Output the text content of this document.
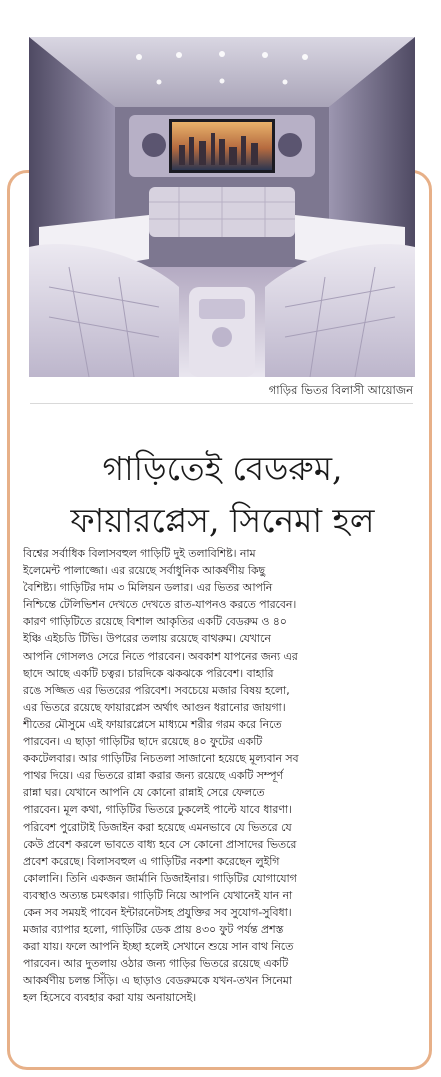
গাড়ির ভিতর বিলাসী আয়োজন
গাড়িতেই বেডরুম,
ফায়ারপ্লেস, সিনেমা হল
বিশ্বের সর্বাধিক বিলাসবহুল গাড়িটি দুই তলাবিশিষ্ট। নাম
ইলেমেন্ট পালাজ্জো। এর রয়েছে সর্বাধুনিক আকর্ষণীয় কিছু
বৈশিষ্ট্য। গাড়িটির দাম ৩ মিলিয়ন ডলার। এর ভিতর আপনি
নিশ্চিন্তে টেলিভিশন দেখতে দেখতে রাত-যাপনও করতে পারবেন।
কারণ গাড়িটিতে রয়েছে বিশাল আকৃতির একটি বেডরুম ও ৪০
ইঞ্চি এইচডি টিভি। উপরের তলায় রয়েছে বাথরুম। যেখানে
আপনি গোসলও সেরে নিতে পারবেন। অবকাশ যাপনের জন্য এর
ছাদে আছে একটি চত্বর। চারদিকে ঝকঝকে পরিবেশ। বাহারি
রঙে সজ্জিত এর ভিতরের পরিবেশ। সবচেয়ে মজার বিষয় হলো,
এর ভিতরে রয়েছে ফায়ারপ্লেস অর্থাৎ আগুন ধরানোর জায়গা।
শীতের মৌসুমে এই ফায়ারপ্লেসে মাধ্যমে শরীর গরম করে নিতে
পারবেন। এ ছাড়া গাড়িটির ছাদে রয়েছে ৪০ ফুটের একটি
ককটেলবার। আর গাড়িটির নিচতলা সাজানো হয়েছে মূল্যবান সব
পাথর দিয়ে। এর ভিতরে রান্না করার জন্য রয়েছে একটি সম্পূর্ণ
রান্না ঘর। যেখানে আপনি যে কোনো রান্নাই সেরে ফেলতে
পারবেন। মূল কথা, গাড়িটির ভিতরে ঢুকলেই পাল্টে যাবে ধারণা।
পরিবেশ পুরোটাই ডিজাইন করা হয়েছে এমনভাবে যে ভিতরে যে
কেউ প্রবেশ করলে ভাবতে বাধ্য হবে সে কোনো প্রাসাদের ভিতরে
প্রবেশ করেছে। বিলাসবহুল এ গাড়িটির নকশা করেছেন লুইগি
কোলানি। তিনি একজন জার্মানি ডিজাইনার। গাড়িটির যোগাযোগ
ব্যবস্থাও অত্যন্ত চমৎকার। গাড়িটি নিয়ে আপনি যেখানেই যান না
কেন সব সময়ই পাবেন ইন্টারনেটসহ প্রযুক্তির সব সুযোগ-সুবিধা।
মজার ব্যাপার হলো, গাড়িটির ডেক প্রায় ৪৩০ ফুট পর্যন্ত প্রশস্ত
করা যায়। ফলে আপনি ইচ্ছা হলেই সেখানে শুয়ে সান বাথ নিতে
পারবেন। আর দুতলায় ওঠার জন্য গাড়ির ভিতরে রয়েছে একটি
আকর্ষণীয় চলন্ত সিঁড়ি। এ ছাড়াও বেডরুমকে যখন-তখন সিনেমা
হল হিসেবে ব্যবহার করা যায় অনায়াসেই।
